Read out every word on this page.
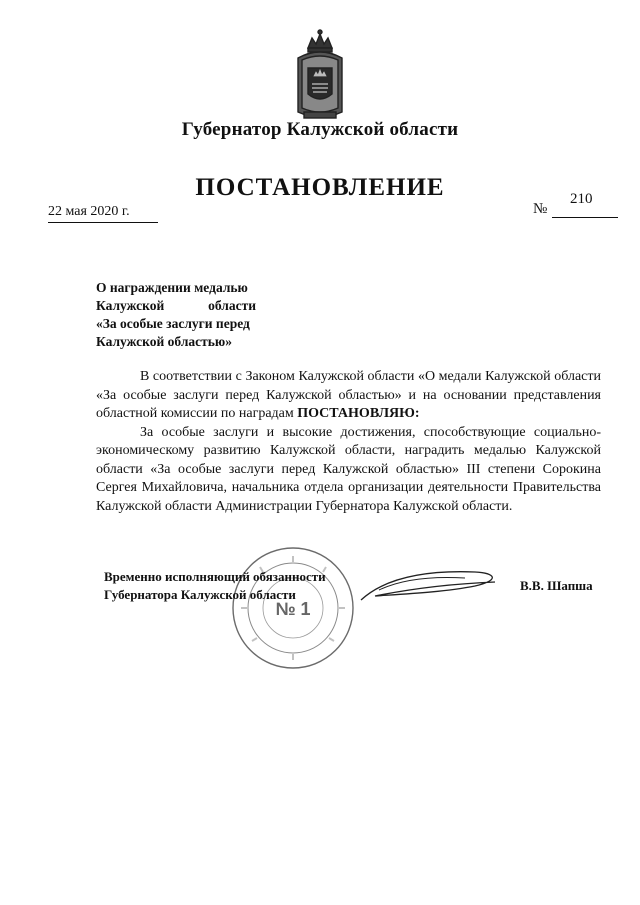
Губернатор Калужской области
ПОСТАНОВЛЕНИЕ
22 мая 2020 г.	№
210
О награждении медалью
Калужской	области
«За особые заслуги перед
Калужской областью»

В соответствии с Законом Калужской области «О медали Калужской области «За особые заслуги перед Калужской областью» и на основании представления областной комиссии по наградам ПОСТАНОВЛЯЮ:

За особые заслуги и высокие достижения, способствующие социально-экономическому развитию Калужской области, наградить медалью Калужской области «За особые заслуги перед Калужской областью» III степени Сорокина Сергея Михайловича, начальника отдела организации деятельности Правительства Калужской области Администрации Губернатора Калужской области.

№ 1
Временно исполняющий обязанности
Губернатора Калужской области
В.В. Шапша
